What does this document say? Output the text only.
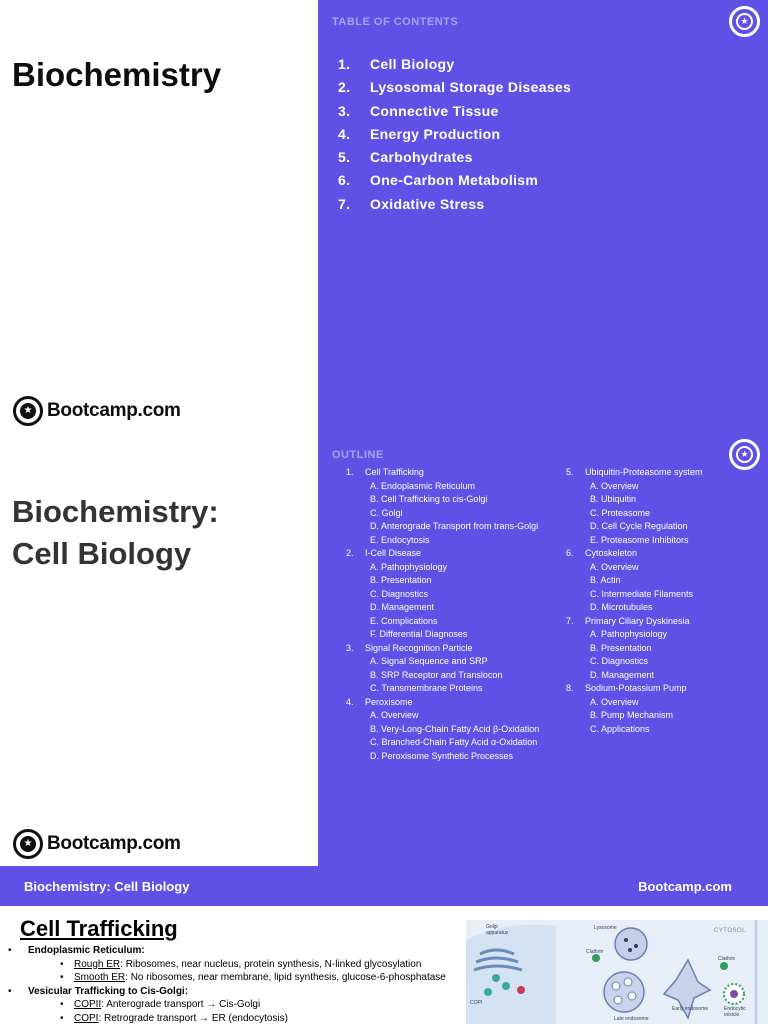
Biochemistry
★ Bootcamp.com
TABLE OF CONTENTS	★
1.	Cell Biology
2.	Lysosomal Storage Diseases
3.	Connective Tissue
4.	Energy Production
5.	Carbohydrates
6.	One-Carbon Metabolism
7.	Oxidative Stress
Biochemistry:
Cell Biology
★ Bootcamp.com
OUTLINE	★
1.	Cell Trafficking
A. Endoplasmic Reticulum
B. Cell Trafficking to cis-Golgi
C. Golgi
D. Anterograde Transport from trans-Golgi
E. Endocytosis
2.	I-Cell Disease
A. Pathophysiology
B. Presentation
C. Diagnostics
D. Management
E. Complications
F. Differential Diagnoses
3.	Signal Recognition Particle
A. Signal Sequence and SRP
B. SRP Receptor and Translocon
C. Transmembrane Proteins
4.	Peroxisome
A. Overview
B. Very-Long-Chain Fatty Acid β-Oxidation
C. Branched-Chain Fatty Acid α-Oxidation
D. Peroxisome Synthetic Processes
5.	Ubiquitin-Proteasome system
A. Overview
B. Ubiquitin
C. Proteasome
D. Cell Cycle Regulation
E. Proteasome Inhibitors
6.	Cytoskeleton
A. Overview
B. Actin
C. Intermediate Filaments
D. Microtubules
7.	Primary Ciliary Dyskinesia
A. Pathophysiology
B. Presentation
C. Diagnostics
D. Management
8.	Sodium-Potassium Pump
A. Overview
B. Pump Mechanism
C. Applications
Biochemistry: Cell Biology	Bootcamp.com
Cell Trafficking
•	Endoplasmic Reticulum:
•	Rough ER: Ribosomes, near nucleus, protein synthesis, N-linked glycosylation
•	Smooth ER: No ribosomes, near membrane, lipid synthesis, glucose-6-phosphatase
•	Vesicular Trafficking to Cis-Golgi:
•	COPII: Anterograde transport → Cis-Golgi
•	COPI: Retrograde transport → ER (endocytosis)
CYTOSOL
Golgi apparatus
Lysosome
Clathrin
Clathrin
COPI
Late endosome
Early endosome	Endocytic vesicle
